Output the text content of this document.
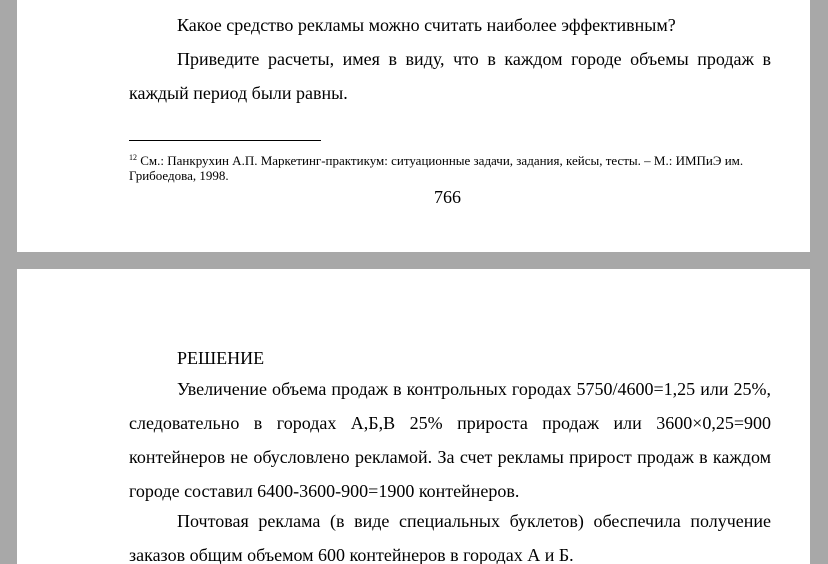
Какое средство рекламы можно считать наиболее эффективным?

Приведите расчеты, имея в виду, что в каждом городе объемы продаж в каждый период были равны.

$^{12}$ См.: Панкрухин А.П. Маркетинг-практикум: ситуационные задачи, задания, кейсы, тесты. – М.: ИМПиЭ им. Грибоедова, 1998.

766

РЕШЕНИЕ

Увеличение объема продаж в контрольных городах 5750/4600=1,25 или 25%, следовательно в городах А,Б,В 25% прироста продаж или 3600×0,25=900 контейнеров не обусловлено рекламой. За счет рекламы прирост продаж в каждом городе составил 6400-3600-900=1900 контейнеров.

Почтовая реклама (в виде специальных буклетов) обеспечила получение заказов общим объемом 600 контейнеров в городах А и Б.
